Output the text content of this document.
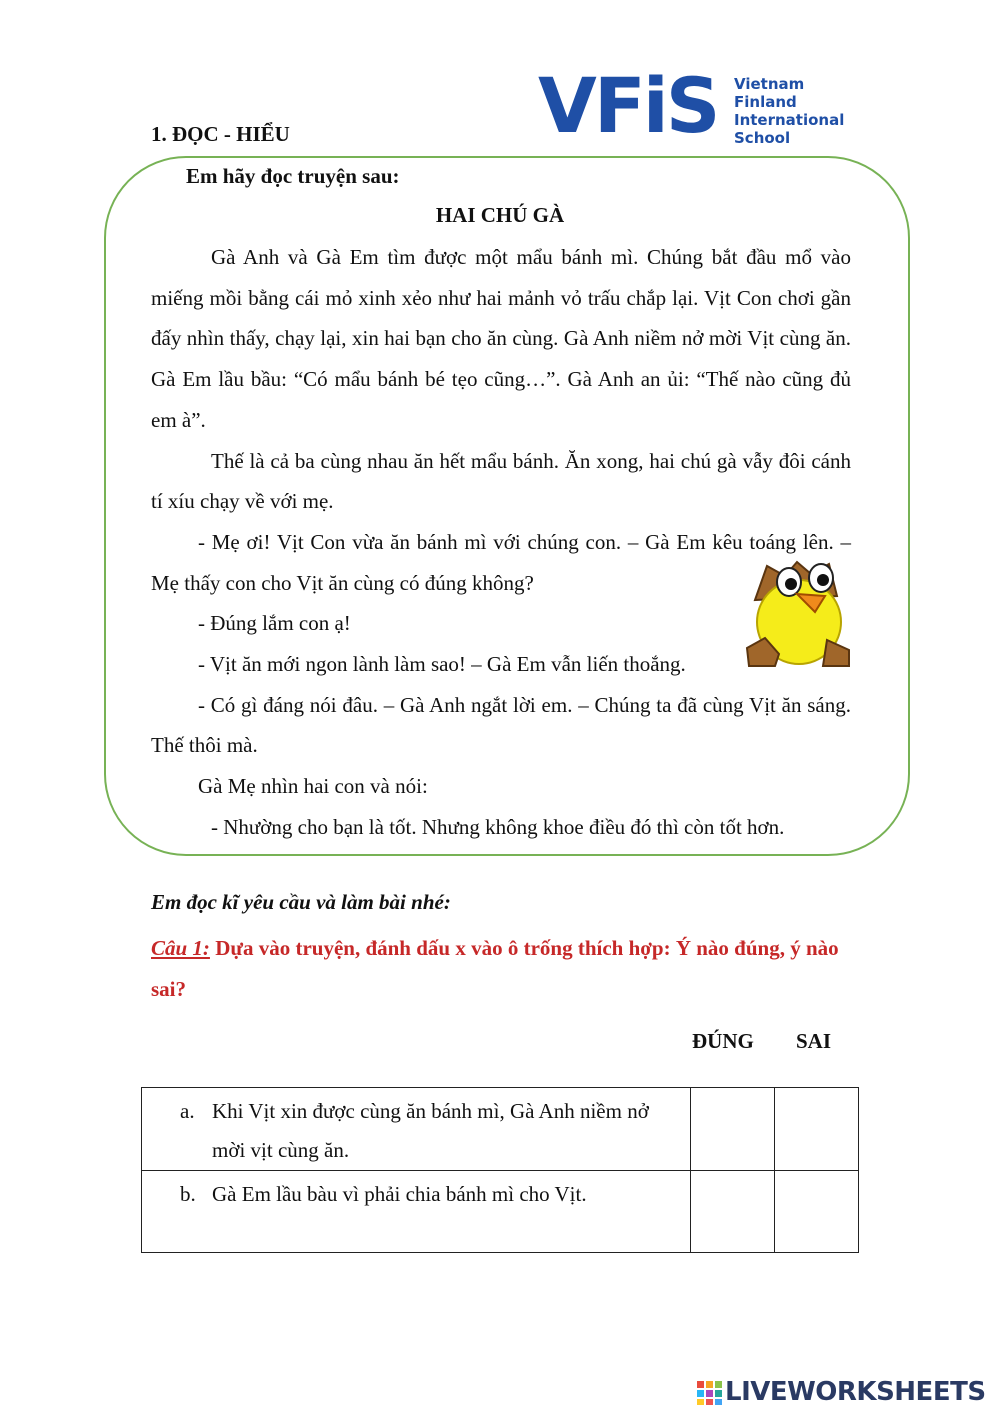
VFiS Vietnam
Finland
International
School
1. ĐỌC - HIỂU
Em hãy đọc truyện sau:
HAI CHÚ GÀ

Gà Anh và Gà Em tìm được một mẩu bánh mì. Chúng bắt đầu mổ vào miếng mồi bằng cái mỏ xinh xẻo như hai mảnh vỏ trấu chắp lại. Vịt Con chơi gần đấy nhìn thấy, chạy lại, xin hai bạn cho ăn cùng. Gà Anh niềm nở mời Vịt cùng ăn. Gà Em lầu bầu: “Có mẩu bánh bé tẹo cũng…”. Gà Anh an ủi: “Thế nào cũng đủ em à”.

Thế là cả ba cùng nhau ăn hết mẩu bánh. Ăn xong, hai chú gà vẫy đôi cánh tí xíu chạy về với mẹ.

- Mẹ ơi! Vịt Con vừa ăn bánh mì với chúng con. – Gà Em kêu toáng lên. – Mẹ thấy con cho Vịt ăn cùng có đúng không?

- Đúng lắm con ạ!

- Vịt ăn mới ngon lành làm sao! – Gà Em vẫn liến thoắng.

- Có gì đáng nói đâu. – Gà Anh ngắt lời em. – Chúng ta đã cùng Vịt ăn sáng. Thế thôi mà.

Gà Mẹ nhìn hai con và nói:

- Nhường cho bạn là tốt. Nhưng không khoe điều đó thì còn tốt hơn.

Em đọc kĩ yêu cầu và làm bài nhé:
Câu 1: Dựa vào truyện, đánh dấu x vào ô trống thích hợp: Ý nào đúng, ý nào sai?
ĐÚNG SAI
a. Khi Vịt xin được cùng ăn bánh mì, Gà Anh niềm nở mời vịt cùng ăn.		

b. Gà Em lầu bàu vì phải chia bánh mì cho Vịt.		

LIVEWORKSHEETS
